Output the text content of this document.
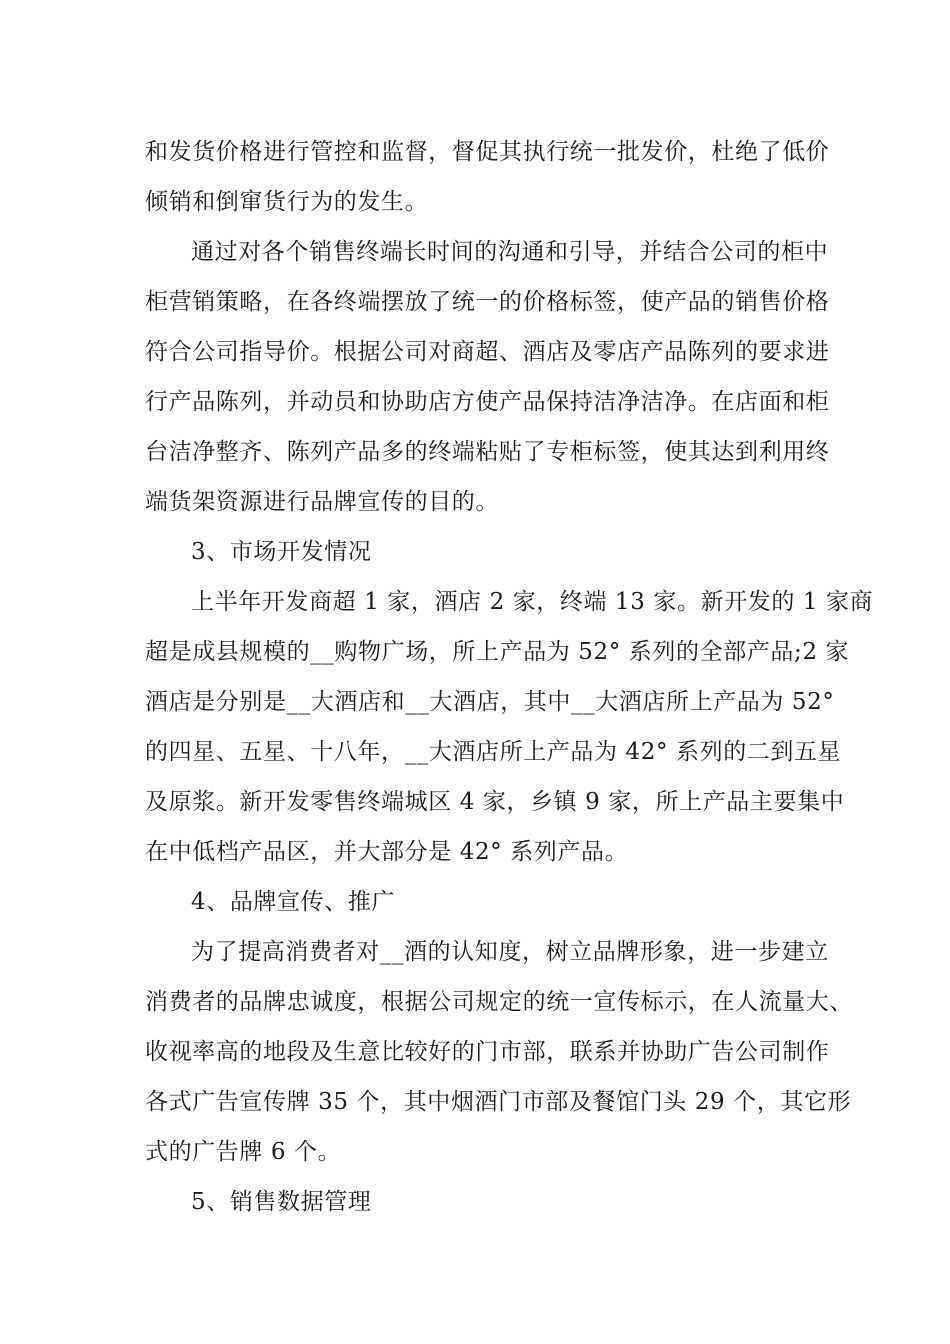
和发货价格进行管控和监督，督促其执行统一批发价，杜绝了低价
倾销和倒窜货行为的发生。
通过对各个销售终端长时间的沟通和引导，并结合公司的柜中
柜营销策略，在各终端摆放了统一的价格标签，使产品的销售价格
符合公司指导价。根据公司对商超、酒店及零店产品陈列的要求进
行产品陈列，并动员和协助店方使产品保持洁净洁净。在店面和柜
台洁净整齐、陈列产品多的终端粘贴了专柜标签，使其达到利用终
端货架资源进行品牌宣传的目的。
3、市场开发情况
上半年开发商超 1 家，酒店 2 家，终端 13 家。新开发的 1 家商
超是成县规模的__购物广场，所上产品为 52° 系列的全部产品;2 家
酒店是分别是__大酒店和__大酒店，其中__大酒店所上产品为 52°
的四星、五星、十八年，__大酒店所上产品为 42° 系列的二到五星
及原浆。新开发零售终端城区 4 家，乡镇 9 家，所上产品主要集中
在中低档产品区，并大部分是 42° 系列产品。
4、品牌宣传、推广
为了提高消费者对__酒的认知度，树立品牌形象，进一步建立
消费者的品牌忠诚度，根据公司规定的统一宣传标示，在人流量大、
收视率高的地段及生意比较好的门市部，联系并协助广告公司制作
各式广告宣传牌 35 个，其中烟酒门市部及餐馆门头 29 个，其它形
式的广告牌 6 个。
5、销售数据管理
